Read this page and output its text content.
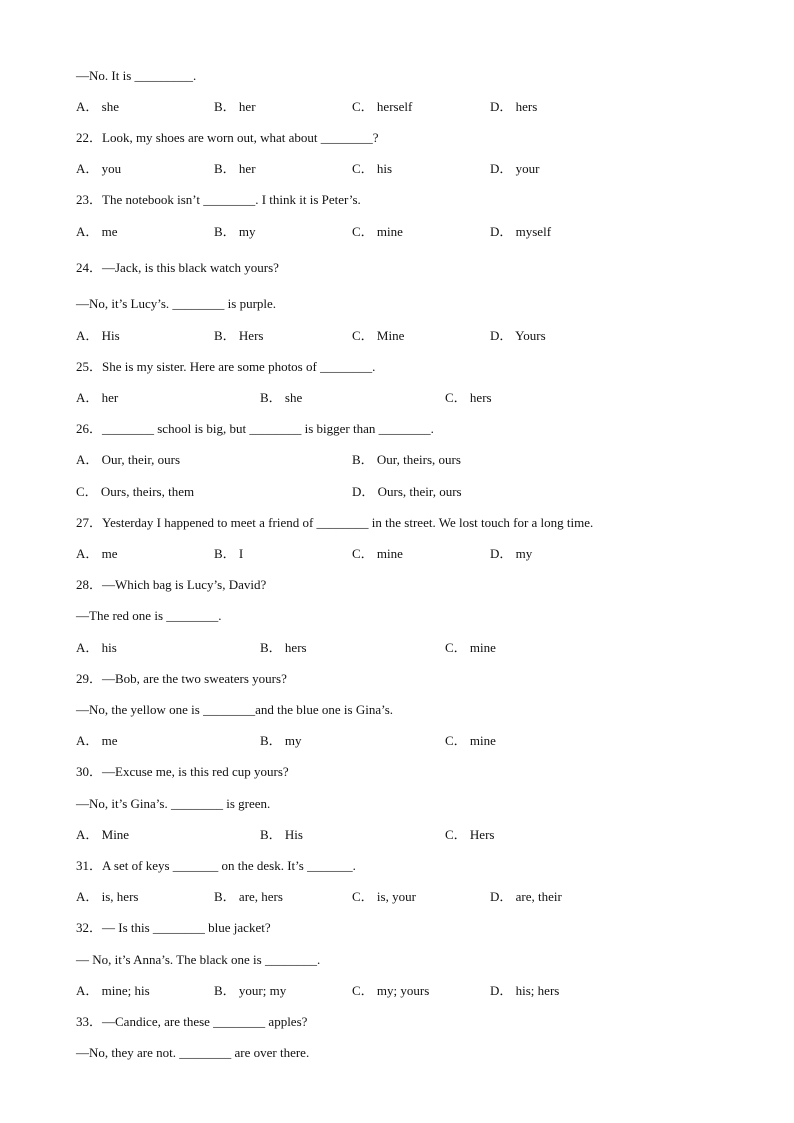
—No. It is _________.
A． she	B． her	C． herself	D． hers
22．Look, my shoes are worn out, what about ________?
A． you	B． her	C． his	D． your
23．The notebook isn’t ________. I think it is Peter’s.
A． me	B． my	C． mine	D． myself
24．—Jack, is this black watch yours?
—No, it’s Lucy’s. ________ is purple.
A． His	B． Hers	C． Mine	D． Yours
25．She is my sister. Here are some photos of ________.
A． her	B． she	C． hers
26．________ school is big, but ________ is bigger than ________.
A． Our, their, ours	B． Our, theirs, ours
C． Ours, theirs, them	D． Ours, their, ours
27．Yesterday I happened to meet a friend of ________ in the street. We lost touch for a long time.
A． me	B． I	C． mine	D． my
28．—Which bag is Lucy’s, David?
—The red one is ________.
A． his	B． hers	C． mine
29．—Bob, are the two sweaters yours?
—No, the yellow one is ________and the blue one is Gina’s.
A． me	B． my	C． mine
30．—Excuse me, is this red cup yours?
—No, it’s Gina’s. ________ is green.
A． Mine	B． His	C． Hers
31．A set of keys _______ on the desk. It’s _______.
A． is, hers	B． are, hers	C． is, your	D． are, their
32．— Is this ________ blue jacket?
— No, it’s Anna’s. The black one is ________.
A． mine; his	B． your; my	C． my; yours	D． his; hers
33．—Candice, are these ________ apples?
—No, they are not. ________ are over there.
